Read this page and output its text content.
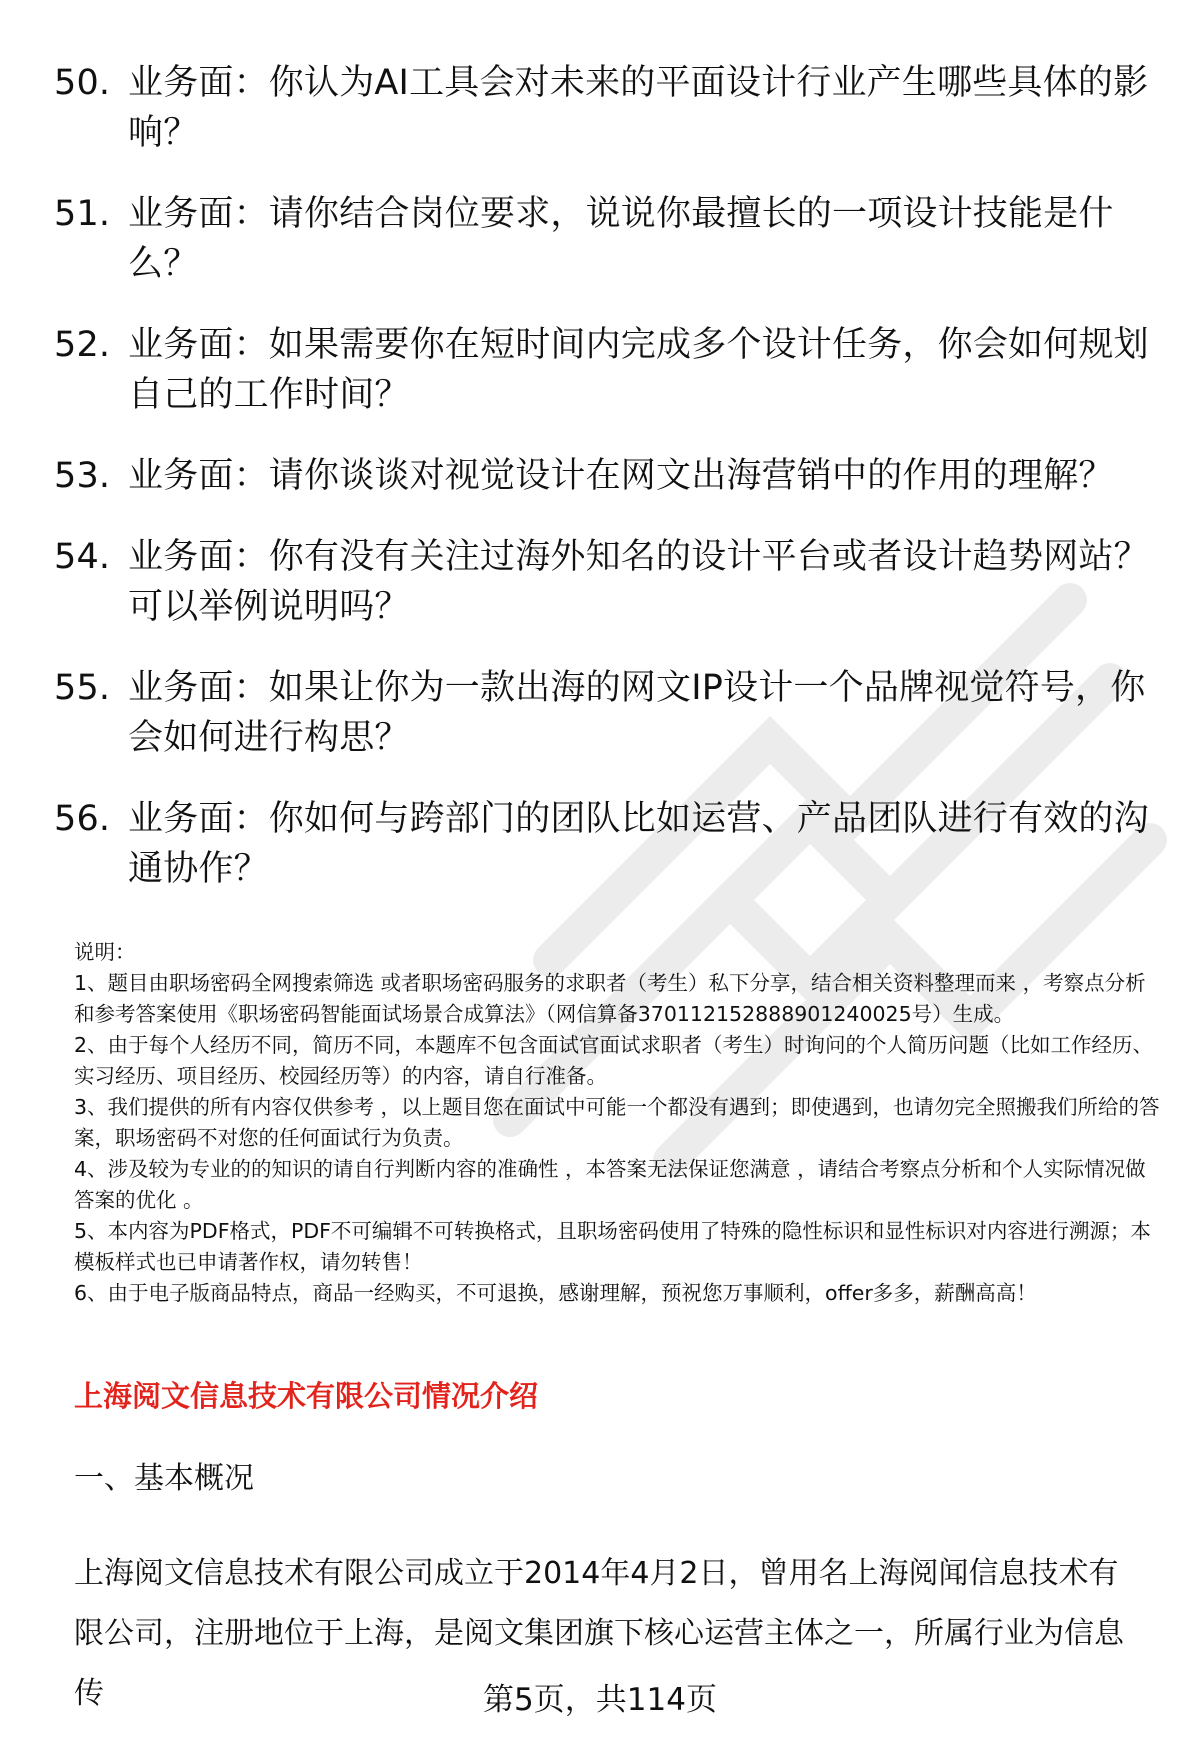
50. 业务面：你认为AI工具会对未来的平面设计行业产生哪些具体的影响？
51. 业务面：请你结合岗位要求，说说你最擅长的一项设计技能是什么？
52. 业务面：如果需要你在短时间内完成多个设计任务，你会如何规划自己的工作时间？
53. 业务面：请你谈谈对视觉设计在网文出海营销中的作用的理解？
54. 业务面：你有没有关注过海外知名的设计平台或者设计趋势网站？可以举例说明吗？
55. 业务面：如果让你为一款出海的网文IP设计一个品牌视觉符号，你会如何进行构思？
56. 业务面：你如何与跨部门的团队比如运营、产品团队进行有效的沟通协作？

说明：

1、题目由职场密码全网搜索筛选 或者职场密码服务的求职者（考生）私下分享，结合相关资料整理而来 ，考察点分析和参考答案使用《职场密码智能面试场景合成算法》（网信算备370112152888901240025号）生成。

2、由于每个人经历不同，简历不同，本题库不包含面试官面试求职者（考生）时询问的个人简历问题（比如工作经历、实习经历、项目经历、校园经历等）的内容，请自行准备。

3、我们提供的所有内容仅供参考 ，以上题目您在面试中可能一个都没有遇到；即使遇到，也请勿完全照搬我们所给的答案，职场密码不对您的任何面试行为负责。

4、涉及较为专业的的知识的请自行判断内容的准确性 ，本答案无法保证您满意 ，请结合考察点分析和个人实际情况做答案的优化 。

5、本内容为PDF格式，PDF不可编辑不可转换格式，且职场密码使用了特殊的隐性标识和显性标识对内容进行溯源；本模板样式也已申请著作权，请勿转售！

6、由于电子版商品特点，商品一经购买，不可退换，感谢理解，预祝您万事顺利，offer多多，薪酬高高！

上海阅文信息技术有限公司情况介绍
一、基本概况
上海阅文信息技术有限公司成立于2014年4月2日，曾用名上海阅闻信息技术有限公司，注册地位于上海，是阅文集团旗下核心运营主体之一，所属行业为信息传	第5页，共114页
